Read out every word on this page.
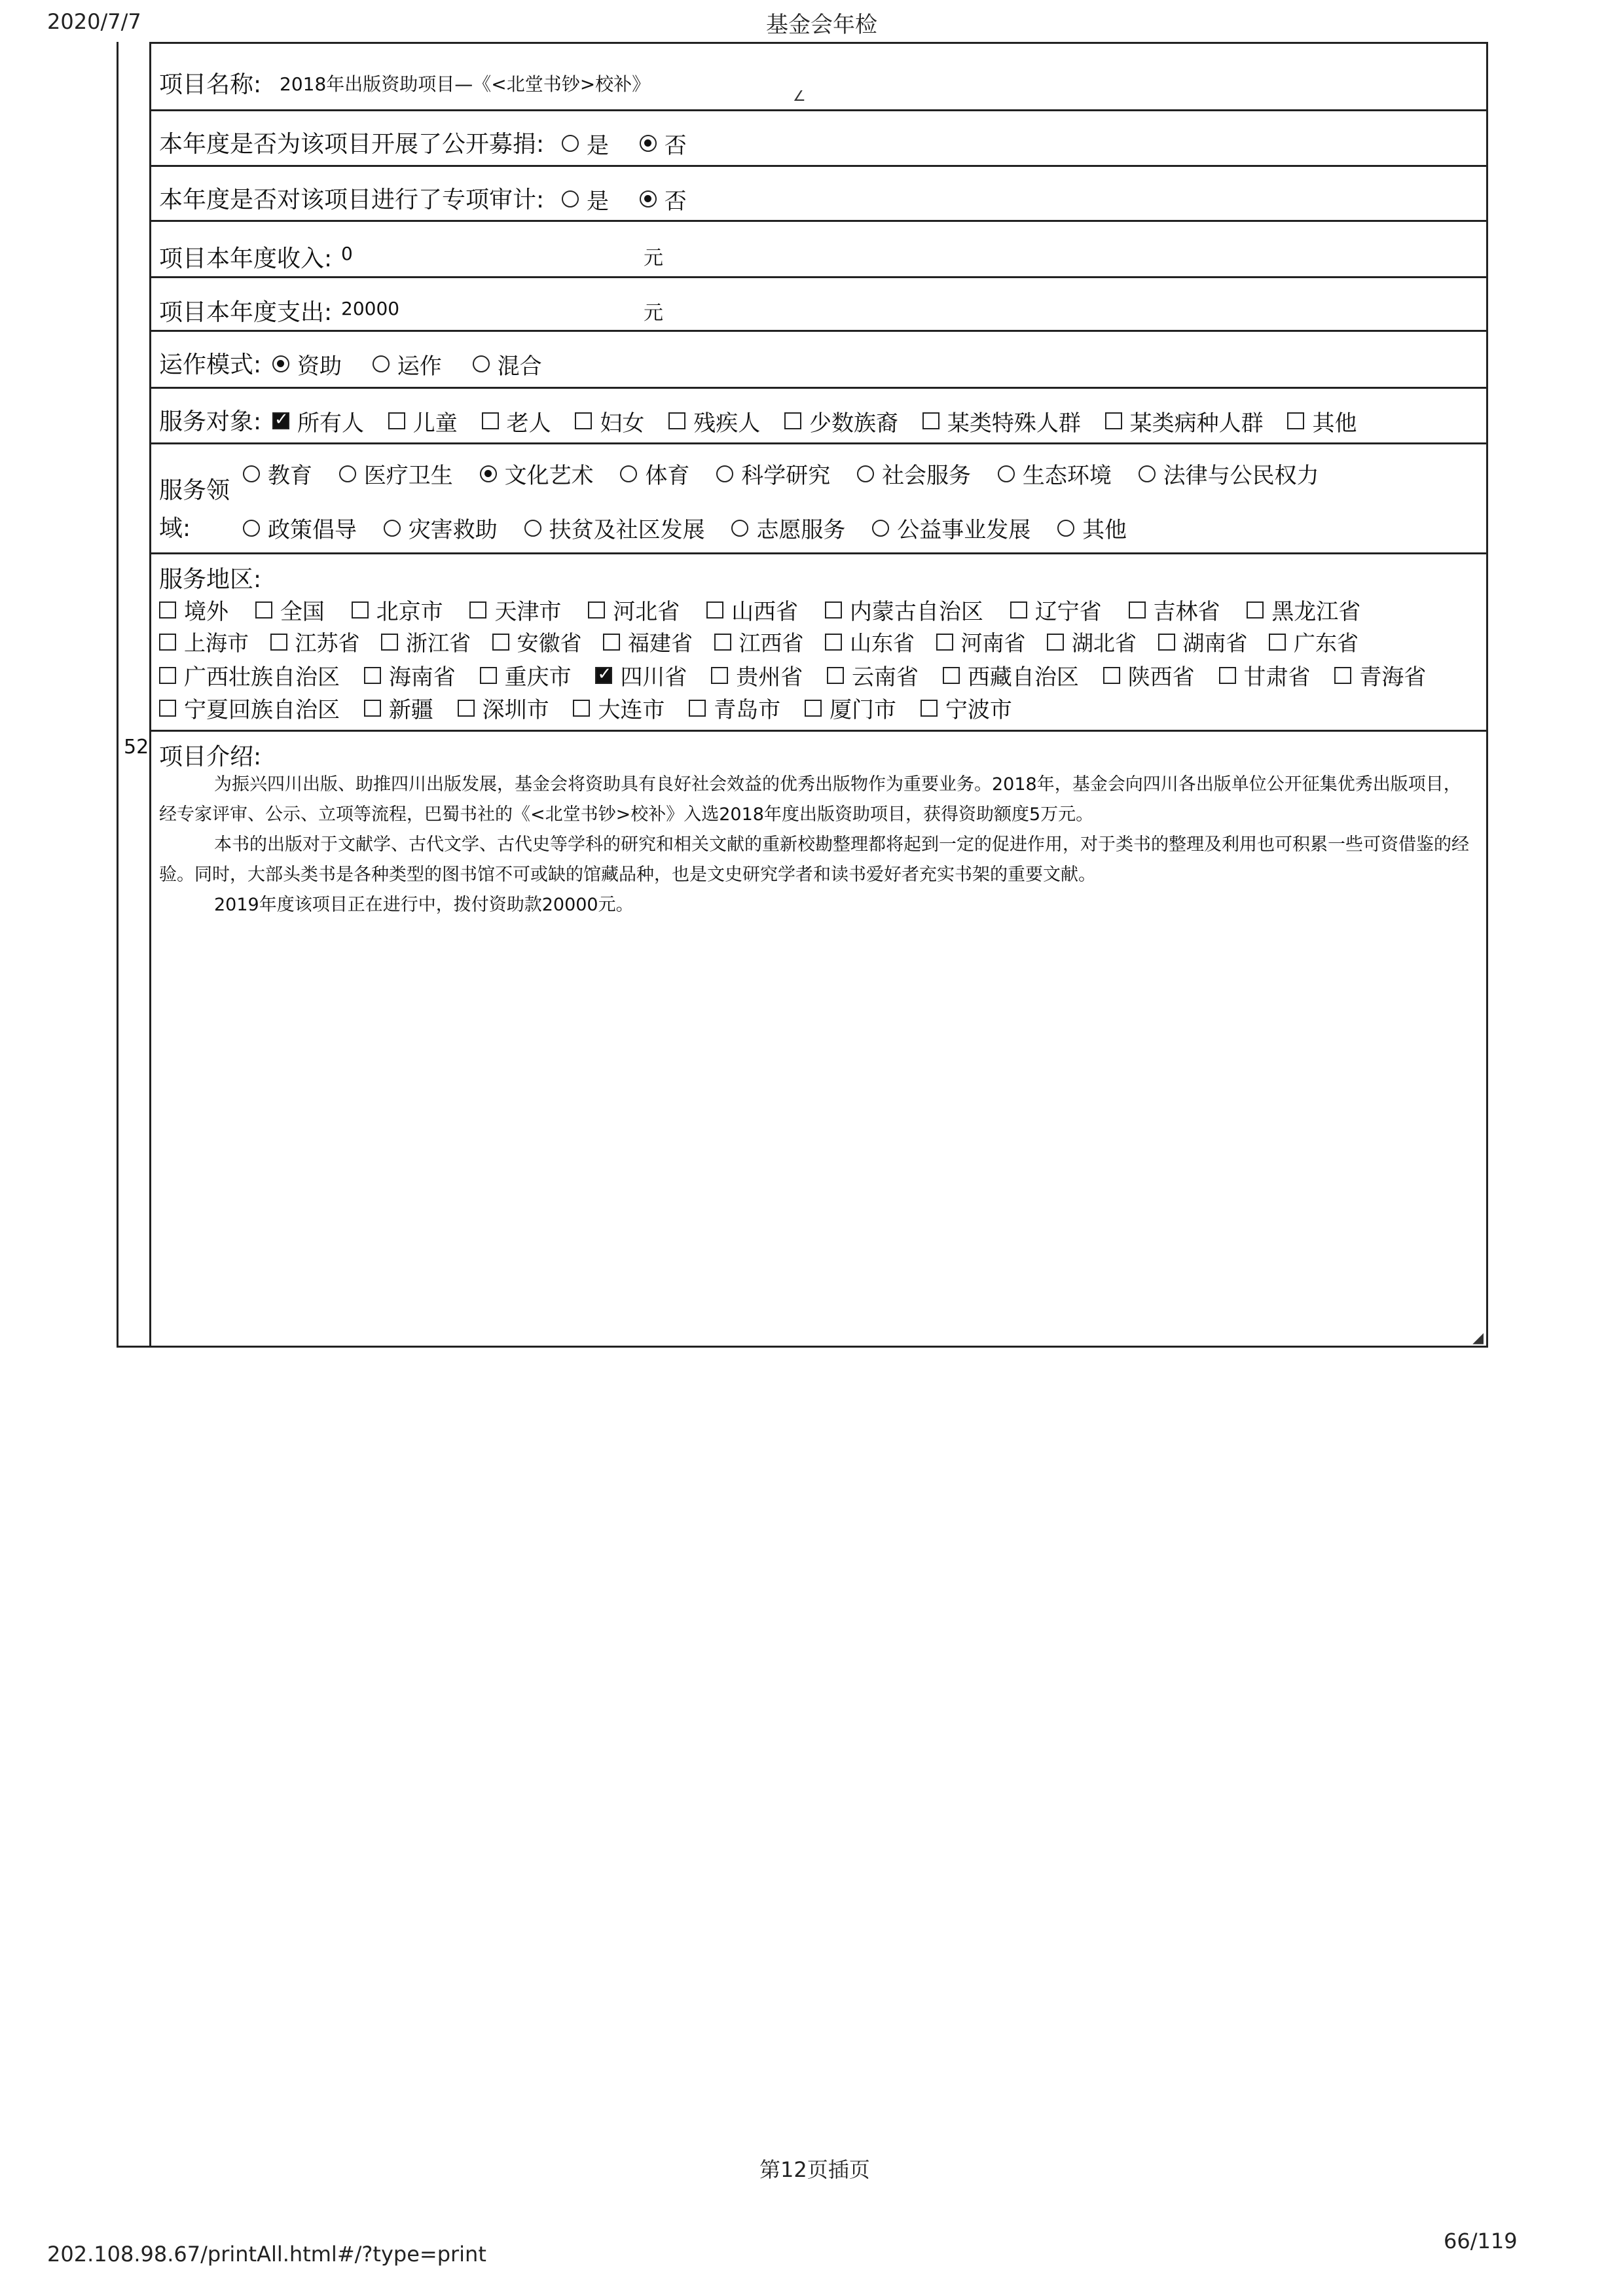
2020/7/7	基金会年检
52
项目名称: 2018年出版资助项目—《<北堂书钞>校补》
∠
本年度是否为该项目开展了公开募捐: 是
否
本年度是否对该项目进行了专项审计: 是
否
项目本年度收入: 0	元
项目本年度支出: 20000	元
运作模式: 资助
运作
混合
服务对象: ✓ 所有人
儿童
老人
妇女
残疾人
少数族裔
某类特殊人群
某类病种人群
其他
服务领
域:
教育
医疗卫生
文化艺术
体育
科学研究
社会服务
生态环境
法律与公民权力
政策倡导
灾害救助
扶贫及社区发展
志愿服务
公益事业发展
其他
服务地区:
境外
全国
北京市
天津市
河北省
山西省
内蒙古自治区
辽宁省
吉林省
黑龙江省
上海市
江苏省
浙江省
安徽省
福建省
江西省
山东省
河南省
湖北省
湖南省
广东省
广西壮族自治区
海南省
重庆市
✓ 四川省
贵州省
云南省
西藏自治区
陕西省
甘肃省
青海省
宁夏回族自治区
新疆
深圳市
大连市
青岛市
厦门市
宁波市
项目介绍:

为振兴四川出版、助推四川出版发展，基金会将资助具有良好社会效益的优秀出版物作为重要业务。2018年，基金会向四川各出版单位公开征集优秀出版项目，经专家评审、公示、立项等流程，巴蜀书社的《<北堂书钞>校补》入选2018年度出版资助项目，获得资助额度5万元。

本书的出版对于文献学、古代文学、古代史等学科的研究和相关文献的重新校勘整理都将起到一定的促进作用，对于类书的整理及利用也可积累一些可资借鉴的经验。同时，大部头类书是各种类型的图书馆不可或缺的馆藏品种，也是文史研究学者和读书爱好者充实书架的重要文献。

2019年度该项目正在进行中，拨付资助款20000元。

◢
第12页插页
202.108.98.67/printAll.html#/?type=print
66/119
